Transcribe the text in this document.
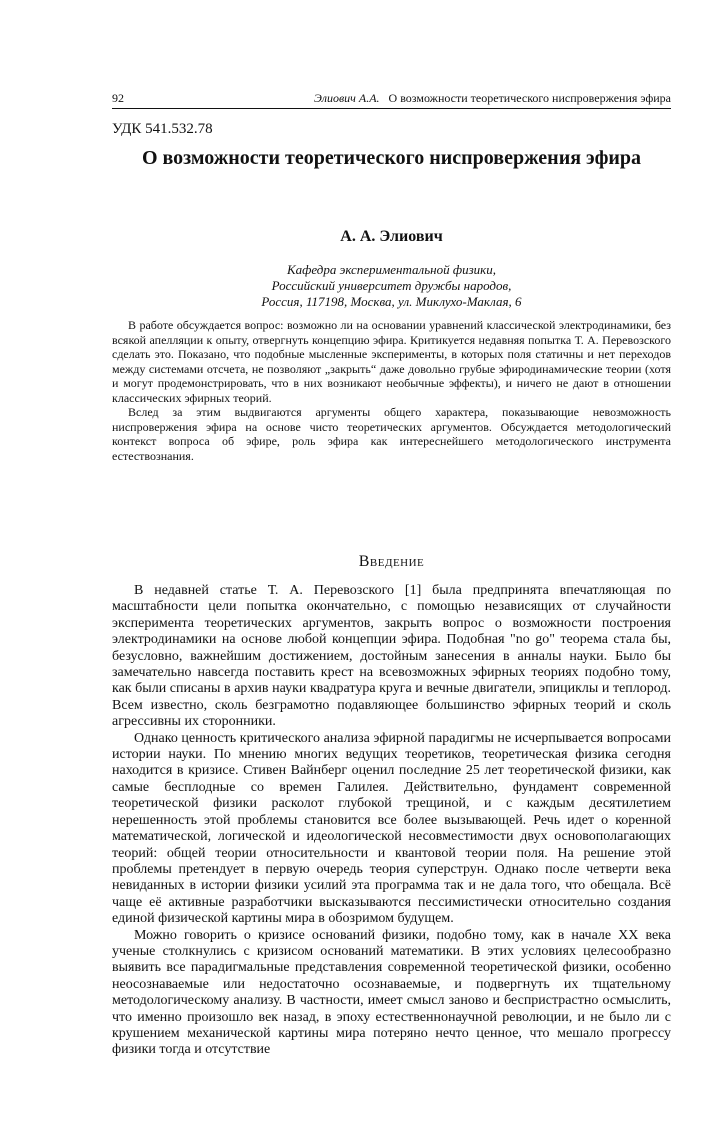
92	Элиович А.А. О возможности теоретического ниспровержения эфира
УДК 541.532.78
О возможности теоретического ниспровержения эфира
А. А. Элиович
Кафедра экспериментальной физики,
Российский университет дружбы народов,
Россия, 117198, Москва, ул. Миклухо-Маклая, 6

В работе обсуждается вопрос: возможно ли на основании уравнений классической электродинамики, без всякой апелляции к опыту, отвергнуть концепцию эфира. Критикуется недавняя попытка Т. А. Перевозского сделать это. Показано, что подобные мысленные эксперименты, в которых поля статичны и нет переходов между системами отсчета, не позволяют „закрыть“ даже довольно грубые эфиродинамические теории (хотя и могут продемонстрировать, что в них возникают необычные эффекты), и ничего не дают в отношении классических эфирных теорий.

Вслед за этим выдвигаются аргументы общего характера, показывающие невозможность ниспровержения эфира на основе чисто теоретических аргументов. Обсуждается методологический контекст вопроса об эфире, роль эфира как интереснейшего методологического инструмента естествознания.

Введение

В недавней статье Т. А. Перевозского [1] была предпринята впечатляющая по масштабности цели попытка окончательно, с помощью независящих от случайности эксперимента теоретических аргументов, закрыть вопрос о возможности построения электродинамики на основе любой концепции эфира. Подобная "no go" теорема стала бы, безусловно, важнейшим достижением, достойным занесения в анналы науки. Было бы замечательно навсегда поставить крест на всевозможных эфирных теориях подобно тому, как были списаны в архив науки квадратура круга и вечные двигатели, эпициклы и теплород. Всем известно, сколь безграмотно подавляющее большинство эфирных теорий и сколь агрессивны их сторонники.

Однако ценность критического анализа эфирной парадигмы не исчерпывается вопросами истории науки. По мнению многих ведущих теоретиков, теоретическая физика сегодня находится в кризисе. Стивен Вайнберг оценил последние 25 лет теоретической физики, как самые бесплодные со времен Галилея. Действительно, фундамент современной теоретической физики расколот глубокой трещиной, и с каждым десятилетием нерешенность этой проблемы становится все более вызывающей. Речь идет о коренной математической, логической и идеологической несовместимости двух основополагающих теорий: общей теории относительности и квантовой теории поля. На решение этой проблемы претендует в первую очередь теория суперструн. Однако после четверти века невиданных в истории физики усилий эта программа так и не дала того, что обещала. Всё чаще её активные разработчики высказываются пессимистически относительно создания единой физической картины мира в обозримом будущем.

Можно говорить о кризисе оснований физики, подобно тому, как в начале XX века ученые столкнулись с кризисом оснований математики. В этих условиях целесообразно выявить все парадигмальные представления современной теоретической физики, особенно неосознаваемые или недостаточно осознаваемые, и подвергнуть их тщательному методологическому анализу. В частности, имеет смысл заново и беспристрастно осмыслить, что именно произошло век назад, в эпоху естественнонаучной революции, и не было ли с крушением механической картины мира потеряно нечто ценное, что мешало прогрессу физики тогда и отсутствие
